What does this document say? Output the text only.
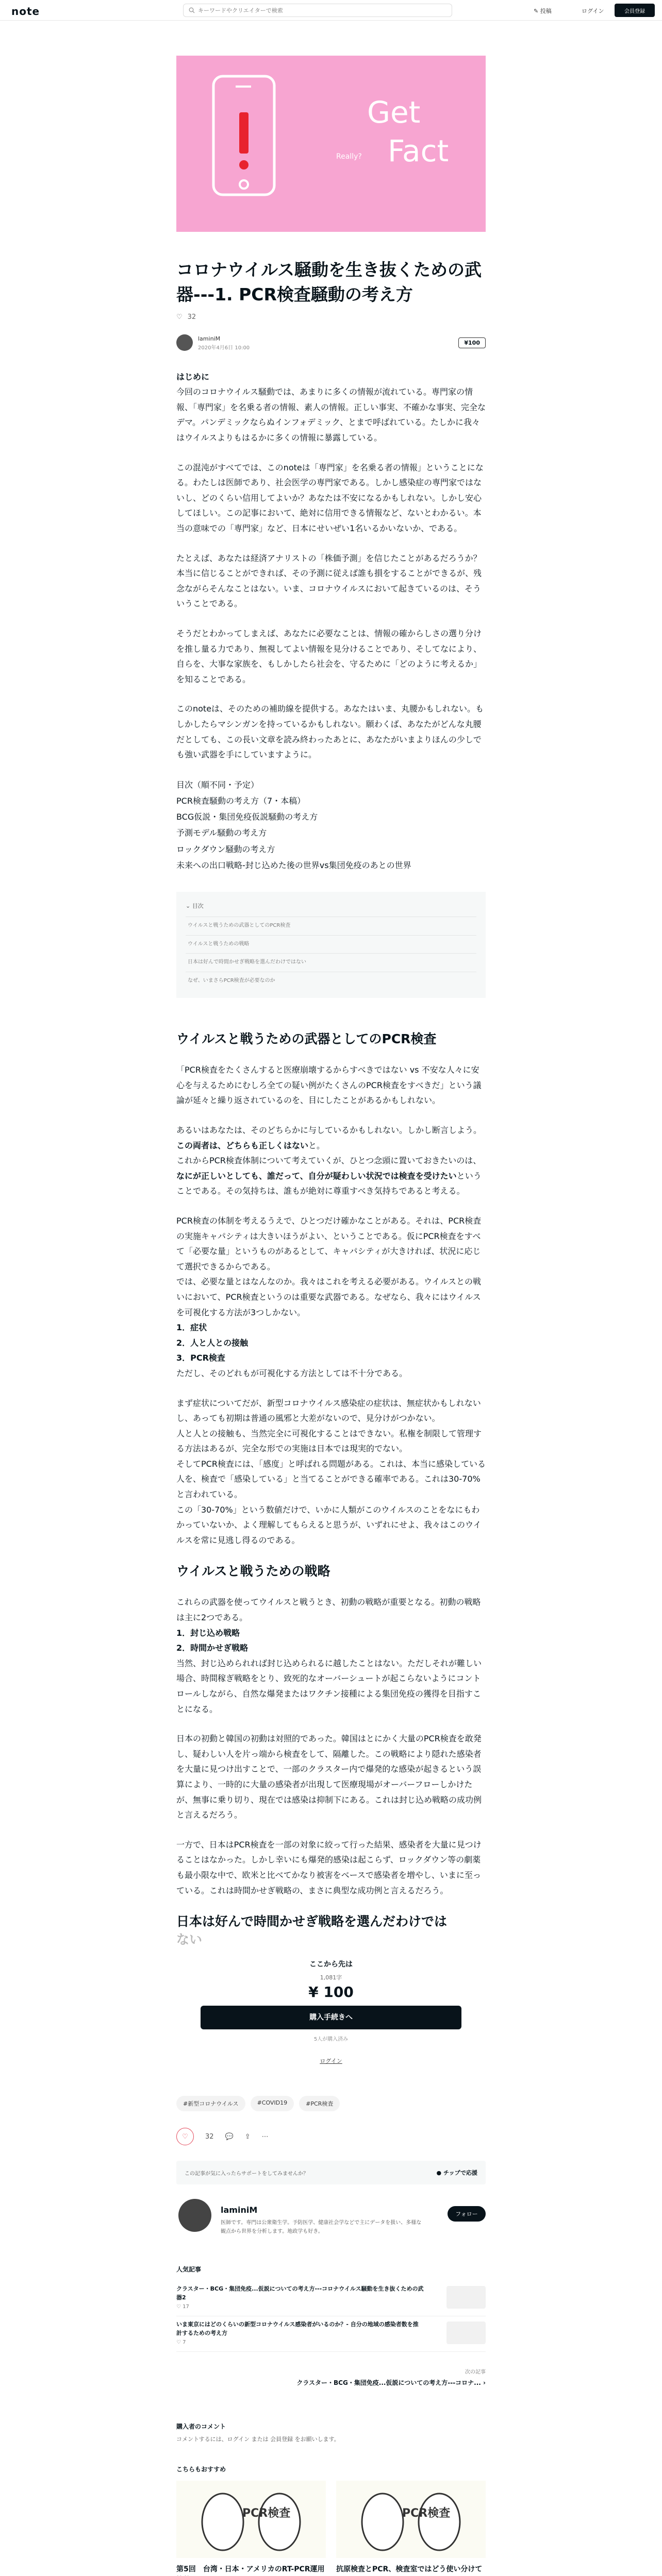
note
キーワードやクリエイターで検索	✎ 投稿	ログイン	会員登録
Get
Fact
Really?
コロナウイルス騒動を生き抜くための武器---1. PCR検査騒動の考え方
♡ 32
laminiM
2020年4月6日 10:00
¥100

はじめに
今回のコロナウイルス騒動では、あまりに多くの情報が流れている。専門家の情報、「専門家」を名乗る者の情報、素人の情報。正しい事実、不確かな事実、完全なデマ。パンデミックならぬインフォデミック、とまで呼ばれている。たしかに我々はウイルスよりもはるかに多くの情報に暴露している。

この混沌がすべてでは、このnoteは「専門家」を名乗る者の情報」ということになる。わたしは医師であり、社会医学の専門家である。しかし感染症の専門家ではないし、どのくらい信用してよいか？あなたは不安になるかもしれない。しかし安心してほしい。この記事において、絶対に信用できる情報など、ないとわかるい。本当の意味での「専門家」など、日本にせいぜい1名いるかいないか、である。

たとえば、あなたは経済アナリストの「株価予測」を信じたことがあるだろうか？本当に信じることができれば、その予測に従えば誰も損をすることができるが、残念ながらそんなことはない。いま、コロナウイルスにおいて起きているのは、そういうことである。

そうだとわかってしまえば、あなたに必要なことは、情報の確からしさの選り分けを推し量る力であり、無視してよい情報を見分けることであり、そしてなにより、自らを、大事な家族を、もしかしたら社会を、守るために「どのように考えるか」を知ることである。

このnoteは、そのための補助線を提供する。あなたはいま、丸腰かもしれない。もしかしたらマシンガンを持っているかもしれない。願わくば、あなたがどんな丸腰だとしても、この長い文章を読み終わったあとに、あなたがいまよりほんの少しでも強い武器を手にしていますように。

目次（順不同・予定）
PCR検査騒動の考え方（7・本稿）
BCG仮説・集団免疫仮説騒動の考え方
予測モデル騒動の考え方
ロックダウン騒動の考え方
未来への出口戦略-封じ込めた後の世界vs集団免疫のあとの世界
⌄ 目次
ウイルスと戦うための武器としてのPCR検査
ウイルスと戦うための戦略
日本は好んで時間かせぎ戦略を選んだわけではない
なぜ、いまさらPCR検査が必要なのか
ウイルスと戦うための武器としてのPCR検査

「PCR検査をたくさんすると医療崩壊するからすべきではない vs 不安な人々に安心を与えるためにむしろ全ての疑い例がたくさんのPCR検査をすべきだ」という議論が延々と繰り返されているのを、目にしたことがあるかもしれない。

あるいはあなたは、そのどちらかに与しているかもしれない。しかし断言しよう。
この両者は、どちらも正しくはないと。
これからPCR検査体制について考えていくが、ひとつ念頭に置いておきたいのは、なにが正しいとしても、誰だって、自分が疑わしい状況では検査を受けたいということである。その気持ちは、誰もが絶対に尊重すべき気持ちであると考える。

PCR検査の体制を考えるうえで、ひとつだけ確かなことがある。それは、PCR検査の実施キャパシティは大きいほうがよい、ということである。仮にPCR検査をすべて「必要な量」というものがあるとして、キャパシティが大きければ、状況に応じて選択できるからである。
では、必要な量とはなんなのか。我々はこれを考える必要がある。ウイルスとの戦いにおいて、PCR検査というのは重要な武器である。なぜなら、我々にはウイルスを可視化する方法が3つしかない。
1．症状
2．人と人との接触
3．PCR検査
ただし、そのどれもが可視化する方法としては不十分である。

まず症状についてだが、新型コロナウイルス感染症の症状は、無症状かもしれないし、あっても初期は普通の風邪と大差がないので、見分けがつかない。
人と人との接触も、当然完全に可視化することはできない。私権を制限して管理する方法はあるが、完全な形での実施は日本では現実的でない。
そしてPCR検査には、「感度」と呼ばれる問題がある。これは、本当に感染している人を、検査で「感染している」と当てることができる確率である。これは30-70%と言われている。
この「30-70%」という数値だけで、いかに人類がこのウイルスのことをなにもわかっていないか、よく理解してもらえると思うが、いずれにせよ、我々はこのウイルスを常に見逃し得るのである。

ウイルスと戦うための戦略

これらの武器を使ってウイルスと戦うとき、初動の戦略が重要となる。初動の戦略は主に2つである。
1．封じ込め戦略
2．時間かせぎ戦略
当然、封じ込められれば封じ込められるに越したことはない。ただしそれが難しい場合、時間稼ぎ戦略をとり、致死的なオーバーシュートが起こらないようにコントロールしながら、自然な爆発またはワクチン接種による集団免疫の獲得を目指すことになる。

日本の初動と韓国の初動は対照的であった。韓国はとにかく大量のPCR検査を敢発し、疑わしい人を片っ端から検査をして、隔離した。この戦略により隠れた感染者を大量に見つけ出すことで、一部のクラスター内で爆発的な感染が起きるという誤算により、一時的に大量の感染者が出現して医療現場がオーバーフローしかけたが、無事に乗り切り、現在では感染は抑制下にある。これは封じ込め戦略の成功例と言えるだろう。

一方で、日本はPCR検査を一部の対象に絞って行った結果、感染者を大量に見つけることはなかった。しかし幸いにも爆発的感染は起こらず、ロックダウン等の劇薬も最小限な中で、欧米と比べてかなり被害をベースで感染者を増やし、いまに至っている。これは時間かせぎ戦略の、まさに典型な成功例と言えるだろう。

日本は好んで時間かせぎ戦略を選んだわけでは
ない
ここから先は
1,081字
¥ 100
購入手続きへ
5人が購入済み
ログイン
#新型コロナウイルス	#COVID19	#PCR検査
♡	32 💬 ⇪ ⋯
この記事が気に入ったらサポートをしてみませんか？	● チップで応援
laminiM
医師です。専門は公衆衛生学。予防医学、健康社会学などで主にデータを扱い、多様な観点から世界を分析します。地政学も好き。
フォロー
人気記事
クラスター・BCG・集団免疫...仮説についての考え方---コロナウイルス騒動を生き抜くための武器2
♡ 17
いま東京にはどのくらいの新型コロナウイルス感染者がいるのか？- 自分の地域の感染者数を推計するための考え方
♡ 7
次の記事
クラスター・BCG・集団免疫...仮説についての考え方---コロナ... ›
購入者のコメント
コメントするには、ログイン または 会員登録 をお願いします。
こちらもおすすめ
PCR検査
第5回　台湾・日本・アメリカのRT-PCR運用
PCR検査
抗原検査とPCR、検査室ではどう使い分けて
